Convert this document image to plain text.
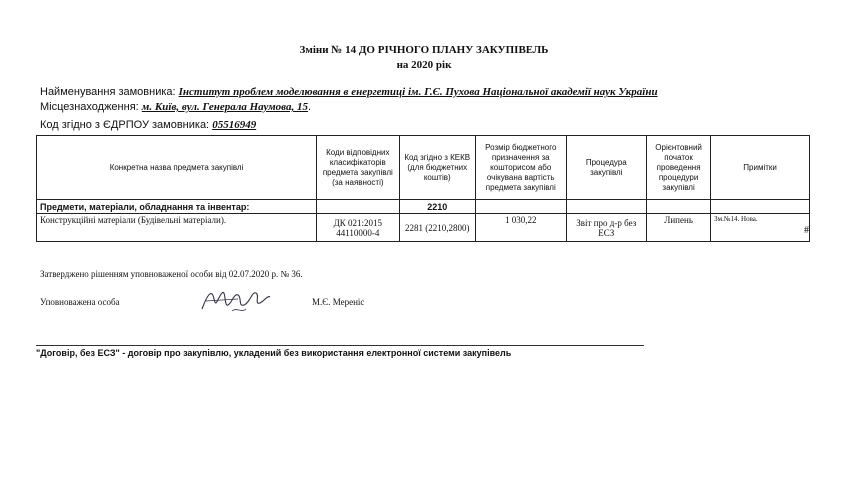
Зміни № 14 ДО РІЧНОГО ПЛАНУ ЗАКУПІВЕЛЬ
на 2020 рік
Найменування замовника: Інститут проблем моделювання в енергетиці ім. Г.Є. Пухова Національної академії наук України
Місцезнаходження: м. Київ, вул. Генерала Наумова, 15.
Код згідно з ЄДРПОУ замовника: 05516949
Конкретна назва предмета закупівлі	Коди відповідних класифікаторів предмета закупівлі (за наявності)	Код згідно з КЕКВ (для бюджетних коштів)	Розмір бюджетного призначення за кошторисом або очікувана вартість предмета закупівлі	Процедура закупівлі	Орієнтовний початок проведення процедури закупівлі	Примітки
Предмети, матеріали, обладнання та інвентар:		2210				
Конструкційні матеріали (Будівельні матеріали).	ДК 021:2015 44110000-4	2281 (2210,2800)	1 030,22	Звіт про д-р без ЕСЗ	Липень	Зм.№14. Нова.
#
Затверджено рішенням уповноваженої особи від 02.07.2020 р. № 36.
Уповноважена особа	М.Є. Мереніс
"Договір, без ЕСЗ" - договір про закупівлю, укладений без використання електронної системи закупівель
